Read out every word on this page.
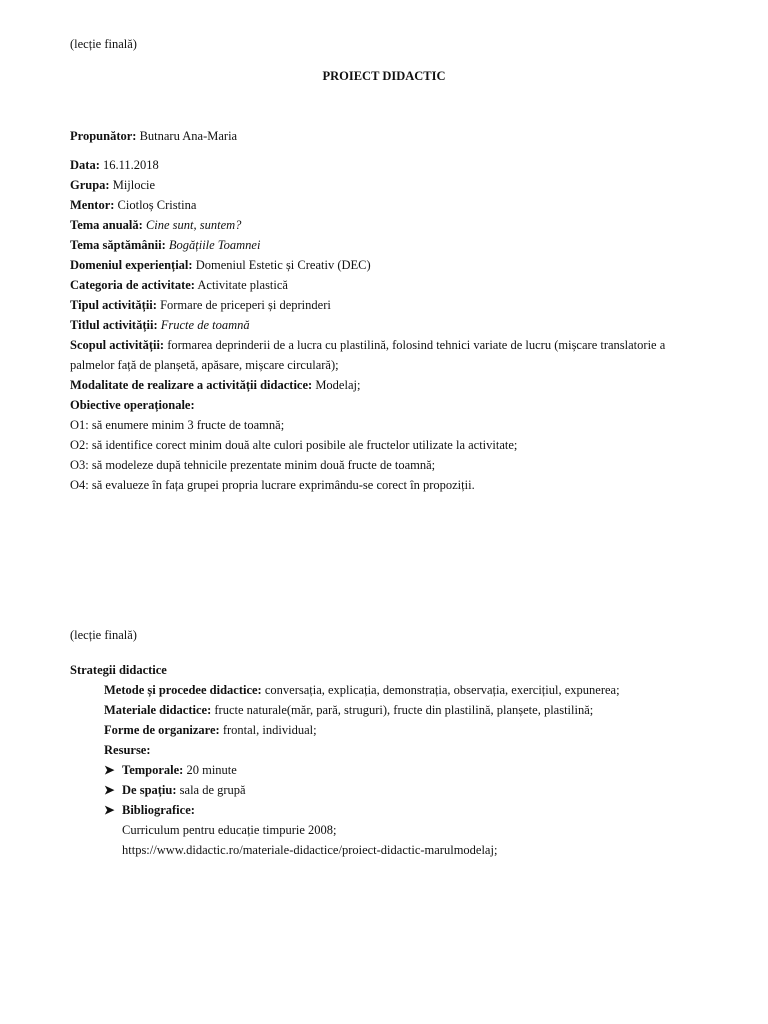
(lecție finală)
PROIECT DIDACTIC
Propunător: Butnaru Ana-Maria
Data: 16.11.2018
Grupa: Mijlocie
Mentor: Ciotloș Cristina
Tema anuală: Cine sunt, suntem?
Tema săptămânii: Bogățiile Toamnei
Domeniul experiențial: Domeniul Estetic și Creativ (DEC)
Categoria de activitate: Activitate plastică
Tipul activității: Formare de priceperi și deprinderi
Titlul activității: Fructe de toamnă
Scopul activității: formarea deprinderii de a lucra cu plastilină, folosind tehnici variate de lucru (mișcare translatorie a palmelor față de planșetă, apăsare, mișcare circulară);
Modalitate de realizare a activității didactice: Modelaj;
Obiective operaționale:
O1: să enumere minim 3 fructe de toamnă;
O2: să identifice corect minim două alte culori posibile ale fructelor utilizate la activitate;
O3: să modeleze după tehnicile prezentate minim două fructe de toamnă;
O4: să evalueze în fața grupei propria lucrare exprimându-se corect în propoziții.
(lecție finală)
Strategii didactice
Metode și procedee didactice: conversația, explicația, demonstrația, observația, exercițiul, expunerea;
Materiale didactice: fructe naturale(măr, pară, struguri), fructe din plastilină, planșete, plastilină;
Forme de organizare: frontal, individual;
Resurse:
➤ Temporale: 20 minute
➤ De spațiu: sala de grupă
➤ Bibliografice:
Curriculum pentru educație timpurie 2008;
https://www.didactic.ro/materiale-didactice/proiect-didactic-marulmodelaj;
